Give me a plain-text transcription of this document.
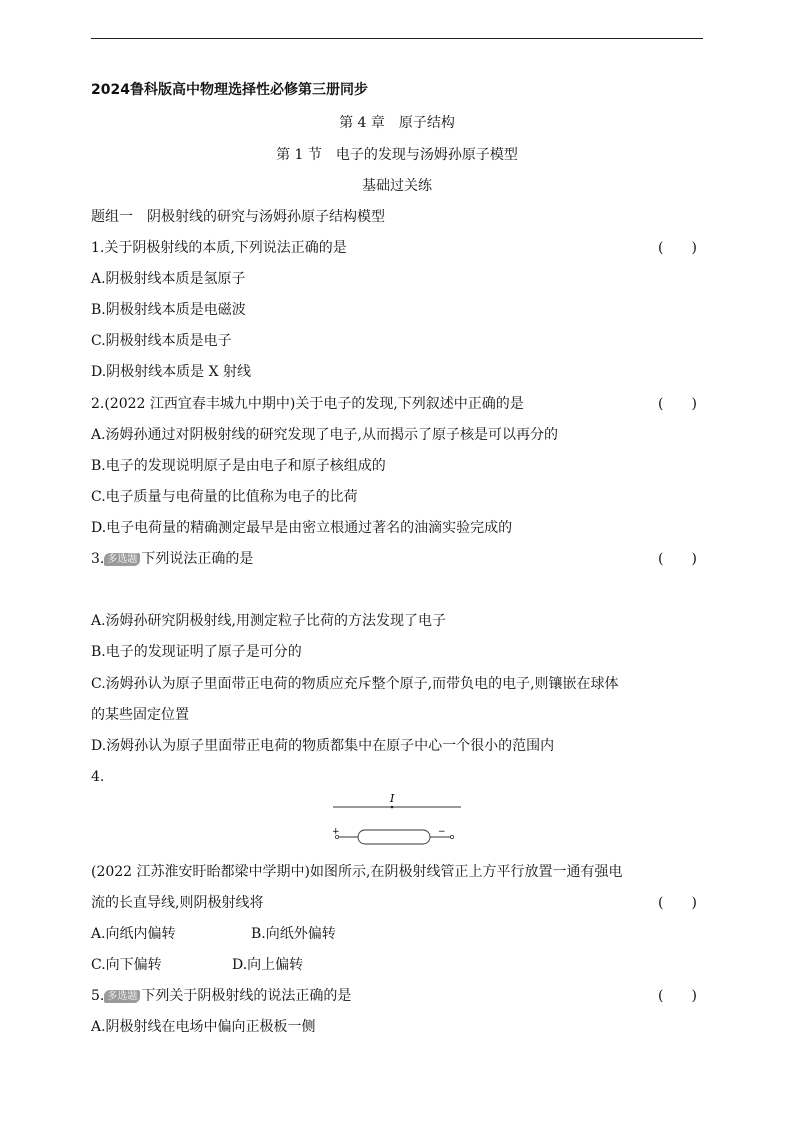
2024鲁科版高中物理选择性必修第三册同步
第 4 章　原子结构
第 1 节　电子的发现与汤姆孙原子模型
基础过关练
题组一　阴极射线的研究与汤姆孙原子结构模型
1.关于阴极射线的本质,下列说法正确的是	(　　)
A.阴极射线本质是氢原子
B.阴极射线本质是电磁波
C.阴极射线本质是电子
D.阴极射线本质是 X 射线
2.(2022 江西宜春丰城九中期中)关于电子的发现,下列叙述中正确的是	(　　)
A.汤姆孙通过对阴极射线的研究发现了电子,从而揭示了原子核是可以再分的
B.电子的发现说明原子是由电子和原子核组成的
C.电子质量与电荷量的比值称为电子的比荷
D.电子电荷量的精确测定最早是由密立根通过著名的油滴实验完成的
3. 多选题 下列说法正确的是	(　　)
A.汤姆孙研究阴极射线,用测定粒子比荷的方法发现了电子
B.电子的发现证明了原子是可分的
C.汤姆孙认为原子里面带正电荷的物质应充斥整个原子,而带负电的电子,则镶嵌在球体
的某些固定位置
D.汤姆孙认为原子里面带正电荷的物质都集中在原子中心一个很小的范围内
4.
I
+	−
(2022 江苏淮安盱眙都梁中学期中)如图所示,在阴极射线管正上方平行放置一通有强电
流的长直导线,则阴极射线将	(　　)
A.向纸内偏转	B.向纸外偏转
C.向下偏转	D.向上偏转
5. 多选题 下列关于阴极射线的说法正确的是	(　　)
A.阴极射线在电场中偏向正极板一侧
